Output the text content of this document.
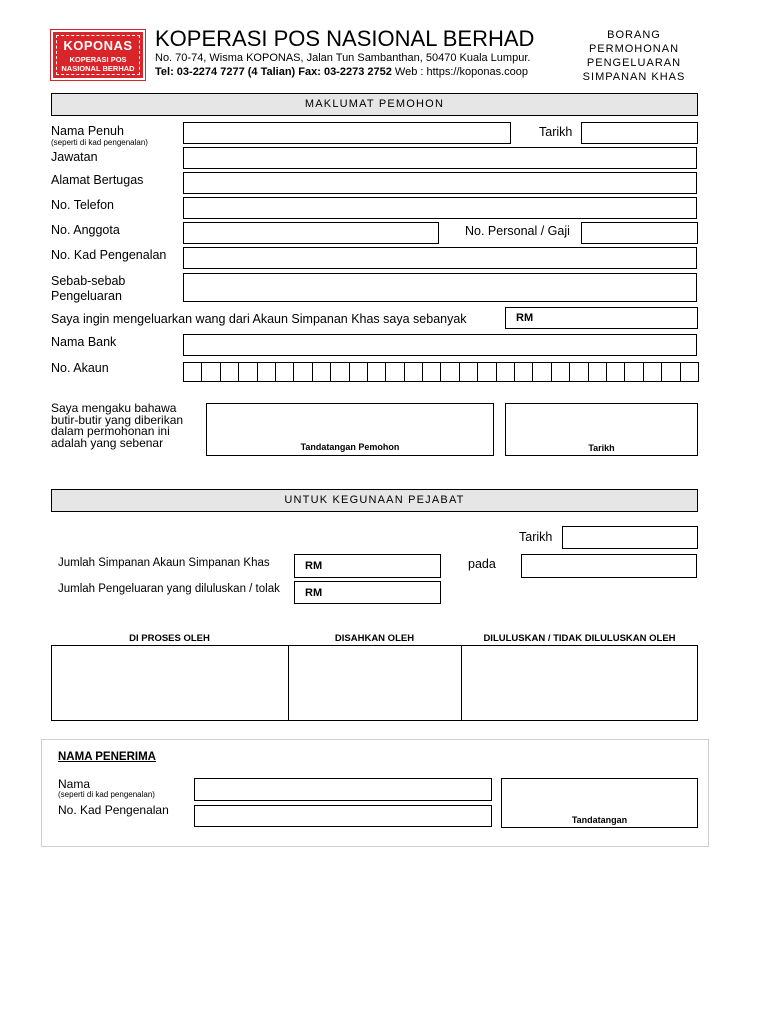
KOPONAS
KOPERASI POS
NASIONAL BERHAD
KOPERASI POS NASIONAL BERHAD
No. 70-74, Wisma KOPONAS, Jalan Tun Sambanthan, 50470 Kuala Lumpur.
Tel: 03-2274 7277 (4 Talian) Fax: 03-2273 2752 Web : https://koponas.coop
BORANG
PERMOHONAN
PENGELUARAN
SIMPANAN KHAS
MAKLUMAT PEMOHON
Nama Penuh
(seperti di kad pengenalan)
Tarikh
Jawatan
Alamat Bertugas
No. Telefon
No. Anggota	No. Personal / Gaji
No. Kad Pengenalan
Sebab-sebab
Pengeluaran
Saya ingin mengeluarkan wang dari Akaun Simpanan Khas saya sebanyak	RM
Nama Bank
No. Akaun
Saya mengaku bahawa
butir-butir yang diberikan
dalam permohonan ini
adalah yang sebenar	Tandatangan Pemohon	Tarikh
UNTUK KEGUNAAN PEJABAT
Tarikh
Jumlah Simpanan Akaun Simpanan Khas	RM	pada
Jumlah Pengeluaran yang diluluskan / tolak RM
DI PROSES OLEH	DISAHKAN OLEH	DILULUSKAN / TIDAK DILULUSKAN OLEH
NAMA PENERIMA
Nama
(seperti di kad pengenalan)
No. Kad Pengenalan
Tandatangan
